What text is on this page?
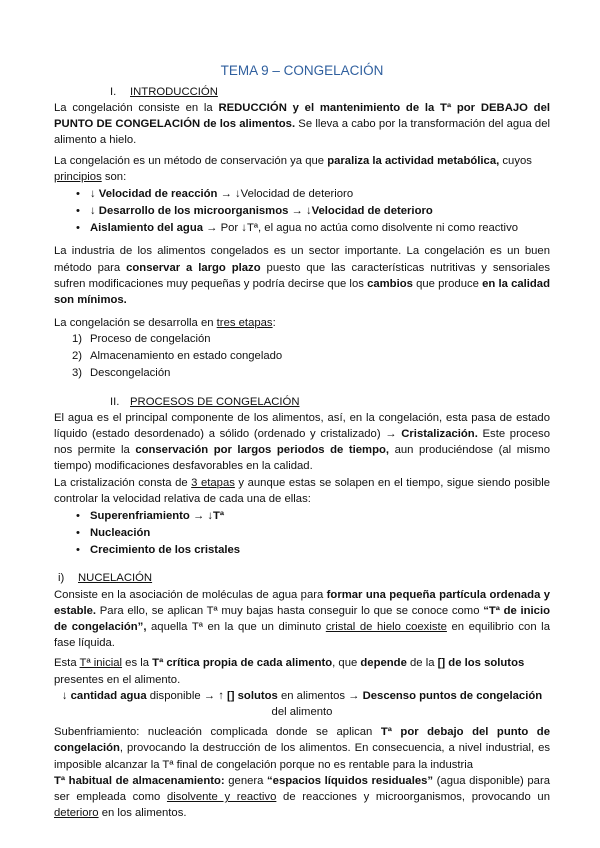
TEMA 9 – CONGELACIÓN

I. INTRODUCCIÓN

La congelación consiste en la REDUCCIÓN y el mantenimiento de la Tª por DEBAJO del PUNTO DE CONGELACIÓN de los alimentos. Se lleva a cabo por la transformación del agua del alimento a hielo.

La congelación es un método de conservación ya que paraliza la actividad metabólica, cuyos principios son:

• ↓ Velocidad de reacción → ↓Velocidad de deterioro
• ↓ Desarrollo de los microorganismos → ↓Velocidad de deterioro
• Aislamiento del agua → Por ↓Tª, el agua no actúa como disolvente ni como reactivo

La industria de los alimentos congelados es un sector importante. La congelación es un buen método para conservar a largo plazo puesto que las características nutritivas y sensoriales sufren modificaciones muy pequeñas y podría decirse que los cambios que produce en la calidad son mínimos.

La congelación se desarrolla en tres etapas:

1) Proceso de congelación
2) Almacenamiento en estado congelado
3) Descongelación

II. PROCESOS DE CONGELACIÓN

El agua es el principal componente de los alimentos, así, en la congelación, esta pasa de estado líquido (estado desordenado) a sólido (ordenado y cristalizado) → Cristalización. Este proceso nos permite la conservación por largos periodos de tiempo, aun produciéndose (al mismo tiempo) modificaciones desfavorables en la calidad.

La cristalización consta de 3 etapas y aunque estas se solapen en el tiempo, sigue siendo posible controlar la velocidad relativa de cada una de ellas:

• Superenfriamiento → ↓Tª
• Nucleación
• Crecimiento de los cristales

i) NUCELACIÓN

Consiste en la asociación de moléculas de agua para formar una pequeña partícula ordenada y estable. Para ello, se aplican Tª muy bajas hasta conseguir lo que se conoce como “Tª de inicio de congelación”, aquella Tª en la que un diminuto cristal de hielo coexiste en equilibrio con la fase líquida.

Esta Tª inicial es la Tª crítica propia de cada alimento, que depende de la [] de los solutos presentes en el alimento.

↓ cantidad agua disponible → ↑ [] solutos en alimentos → Descenso puntos de congelación del alimento

Subenfriamiento: nucleación complicada donde se aplican Tª por debajo del punto de congelación, provocando la destrucción de los alimentos. En consecuencia, a nivel industrial, es imposible alcanzar la Tª final de congelación porque no es rentable para la industria

Tª habitual de almacenamiento: genera “espacios líquidos residuales” (agua disponible) para ser empleada como disolvente y reactivo de reacciones y microorganismos, provocando un deterioro en los alimentos.
